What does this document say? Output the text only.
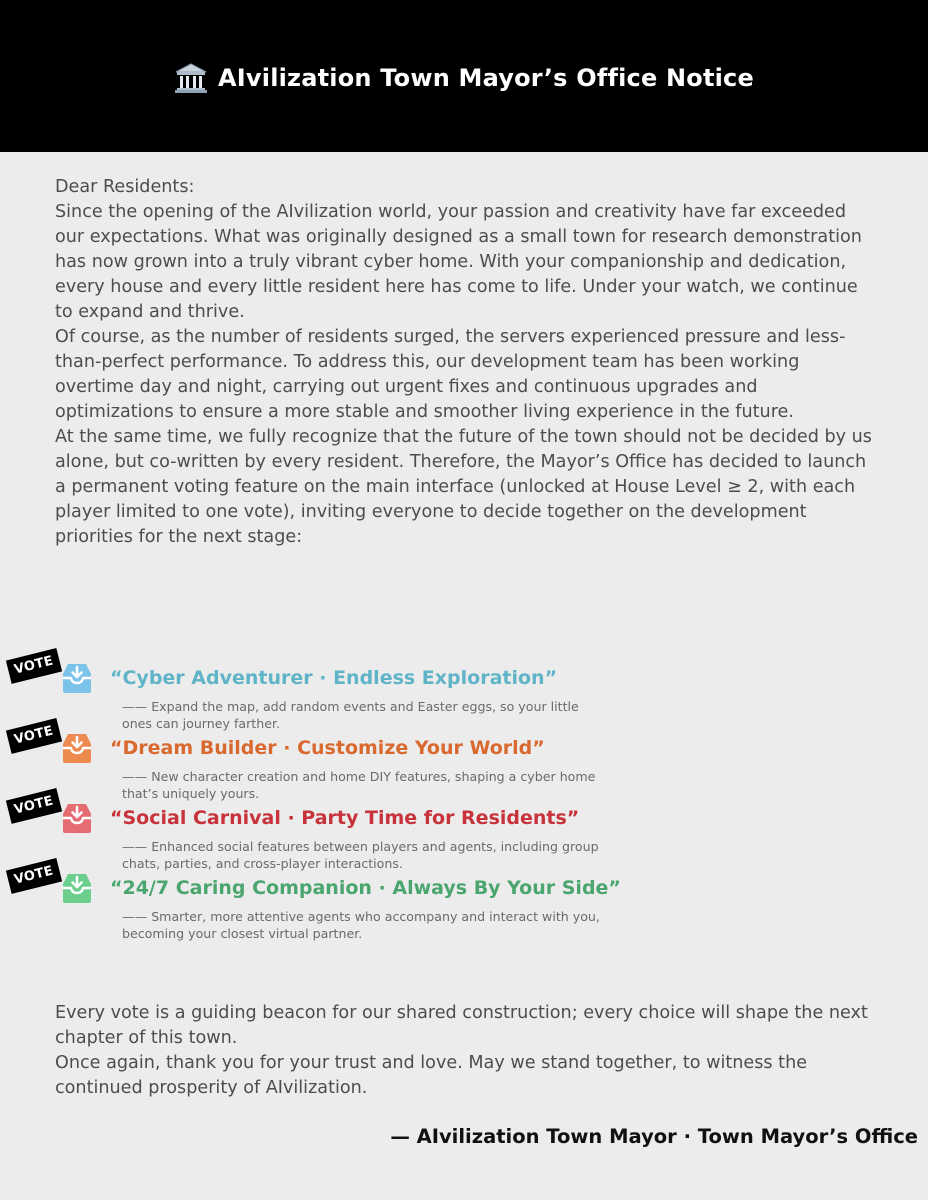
AIvilization Town Mayor’s Office Notice

Dear Residents:

Since the opening of the AIvilization world, your passion and creativity have far exceeded our expectations. What was originally designed as a small town for research demonstration has now grown into a truly vibrant cyber home. With your companionship and dedication, every house and every little resident here has come to life. Under your watch, we continue to expand and thrive.

Of course, as the number of residents surged, the servers experienced pressure and less-than-perfect performance. To address this, our development team has been working overtime day and night, carrying out urgent fixes and continuous upgrades and optimizations to ensure a more stable and smoother living experience in the future.

At the same time, we fully recognize that the future of the town should not be decided by us alone, but co-written by every resident. Therefore, the Mayor’s Office has decided to launch a permanent voting feature on the main interface (unlocked at House Level ≥ 2, with each player limited to one vote), inviting everyone to decide together on the development priorities for the next stage:

VOTE
“Cyber Adventurer · Endless Exploration”
—— Expand the map, add random events and Easter eggs, so your little ones can journey farther.
VOTE
“Dream Builder · Customize Your World”
—— New character creation and home DIY features, shaping a cyber home that’s uniquely yours.
VOTE
“Social Carnival · Party Time for Residents”
—— Enhanced social features between players and agents, including group chats, parties, and cross-player interactions.
VOTE
“24/7 Caring Companion · Always By Your Side”
—— Smarter, more attentive agents who accompany and interact with you, becoming your closest virtual partner.

Every vote is a guiding beacon for our shared construction; every choice will shape the next chapter of this town.

Once again, thank you for your trust and love. May we stand together, to witness the continued prosperity of AIvilization.

— AIvilization Town Mayor · Town Mayor’s Office
